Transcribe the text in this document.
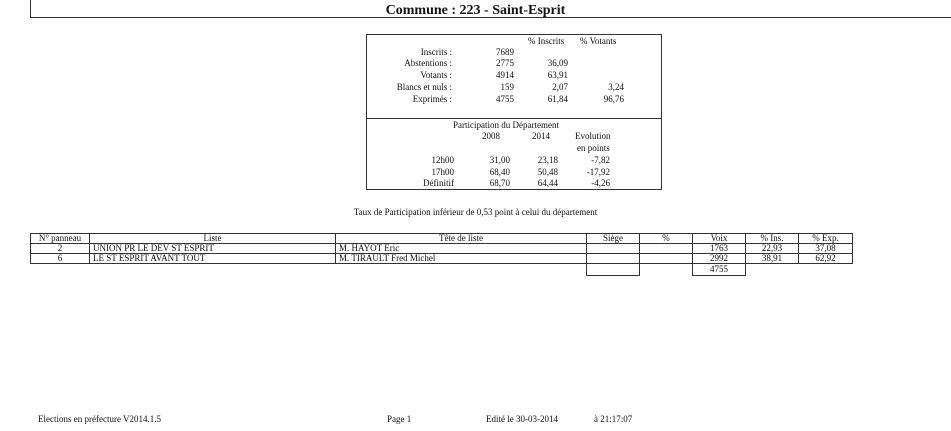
Commune : 223 - Saint-Esprit
% Inscrits % Votants
Inscrits :	7689
Abstentions :	2775	36,09
Votants :	4914	63,91
Blancs et nuls :	159	2,07	3,24
Exprimés :	4755	61,84	96,76
Participation du Département
2008	2014	Evolution
en points
12h00	31,00	23,18	-7,82
17h00	68,40	50,48	-17,92
Définitif	68,70	64,44	-4,26
Taux de Participation inférieur de 0,53 point à celui du département
N° panneau	Liste	Tête de liste	Siège	%	Voix	% Ins.	% Exp.
2	UNION PR LE DEV ST ESPRIT	M. HAYOT Eric			1763	22,93	37,08
6	LE ST ESPRIT AVANT TOUT	M. TIRAULT Fred Michel			2992	38,91	62,92
					4755		
Elections en préfecture V2014.1.5	Page 1	Edité le 30-03-2014	à 21:17:07
